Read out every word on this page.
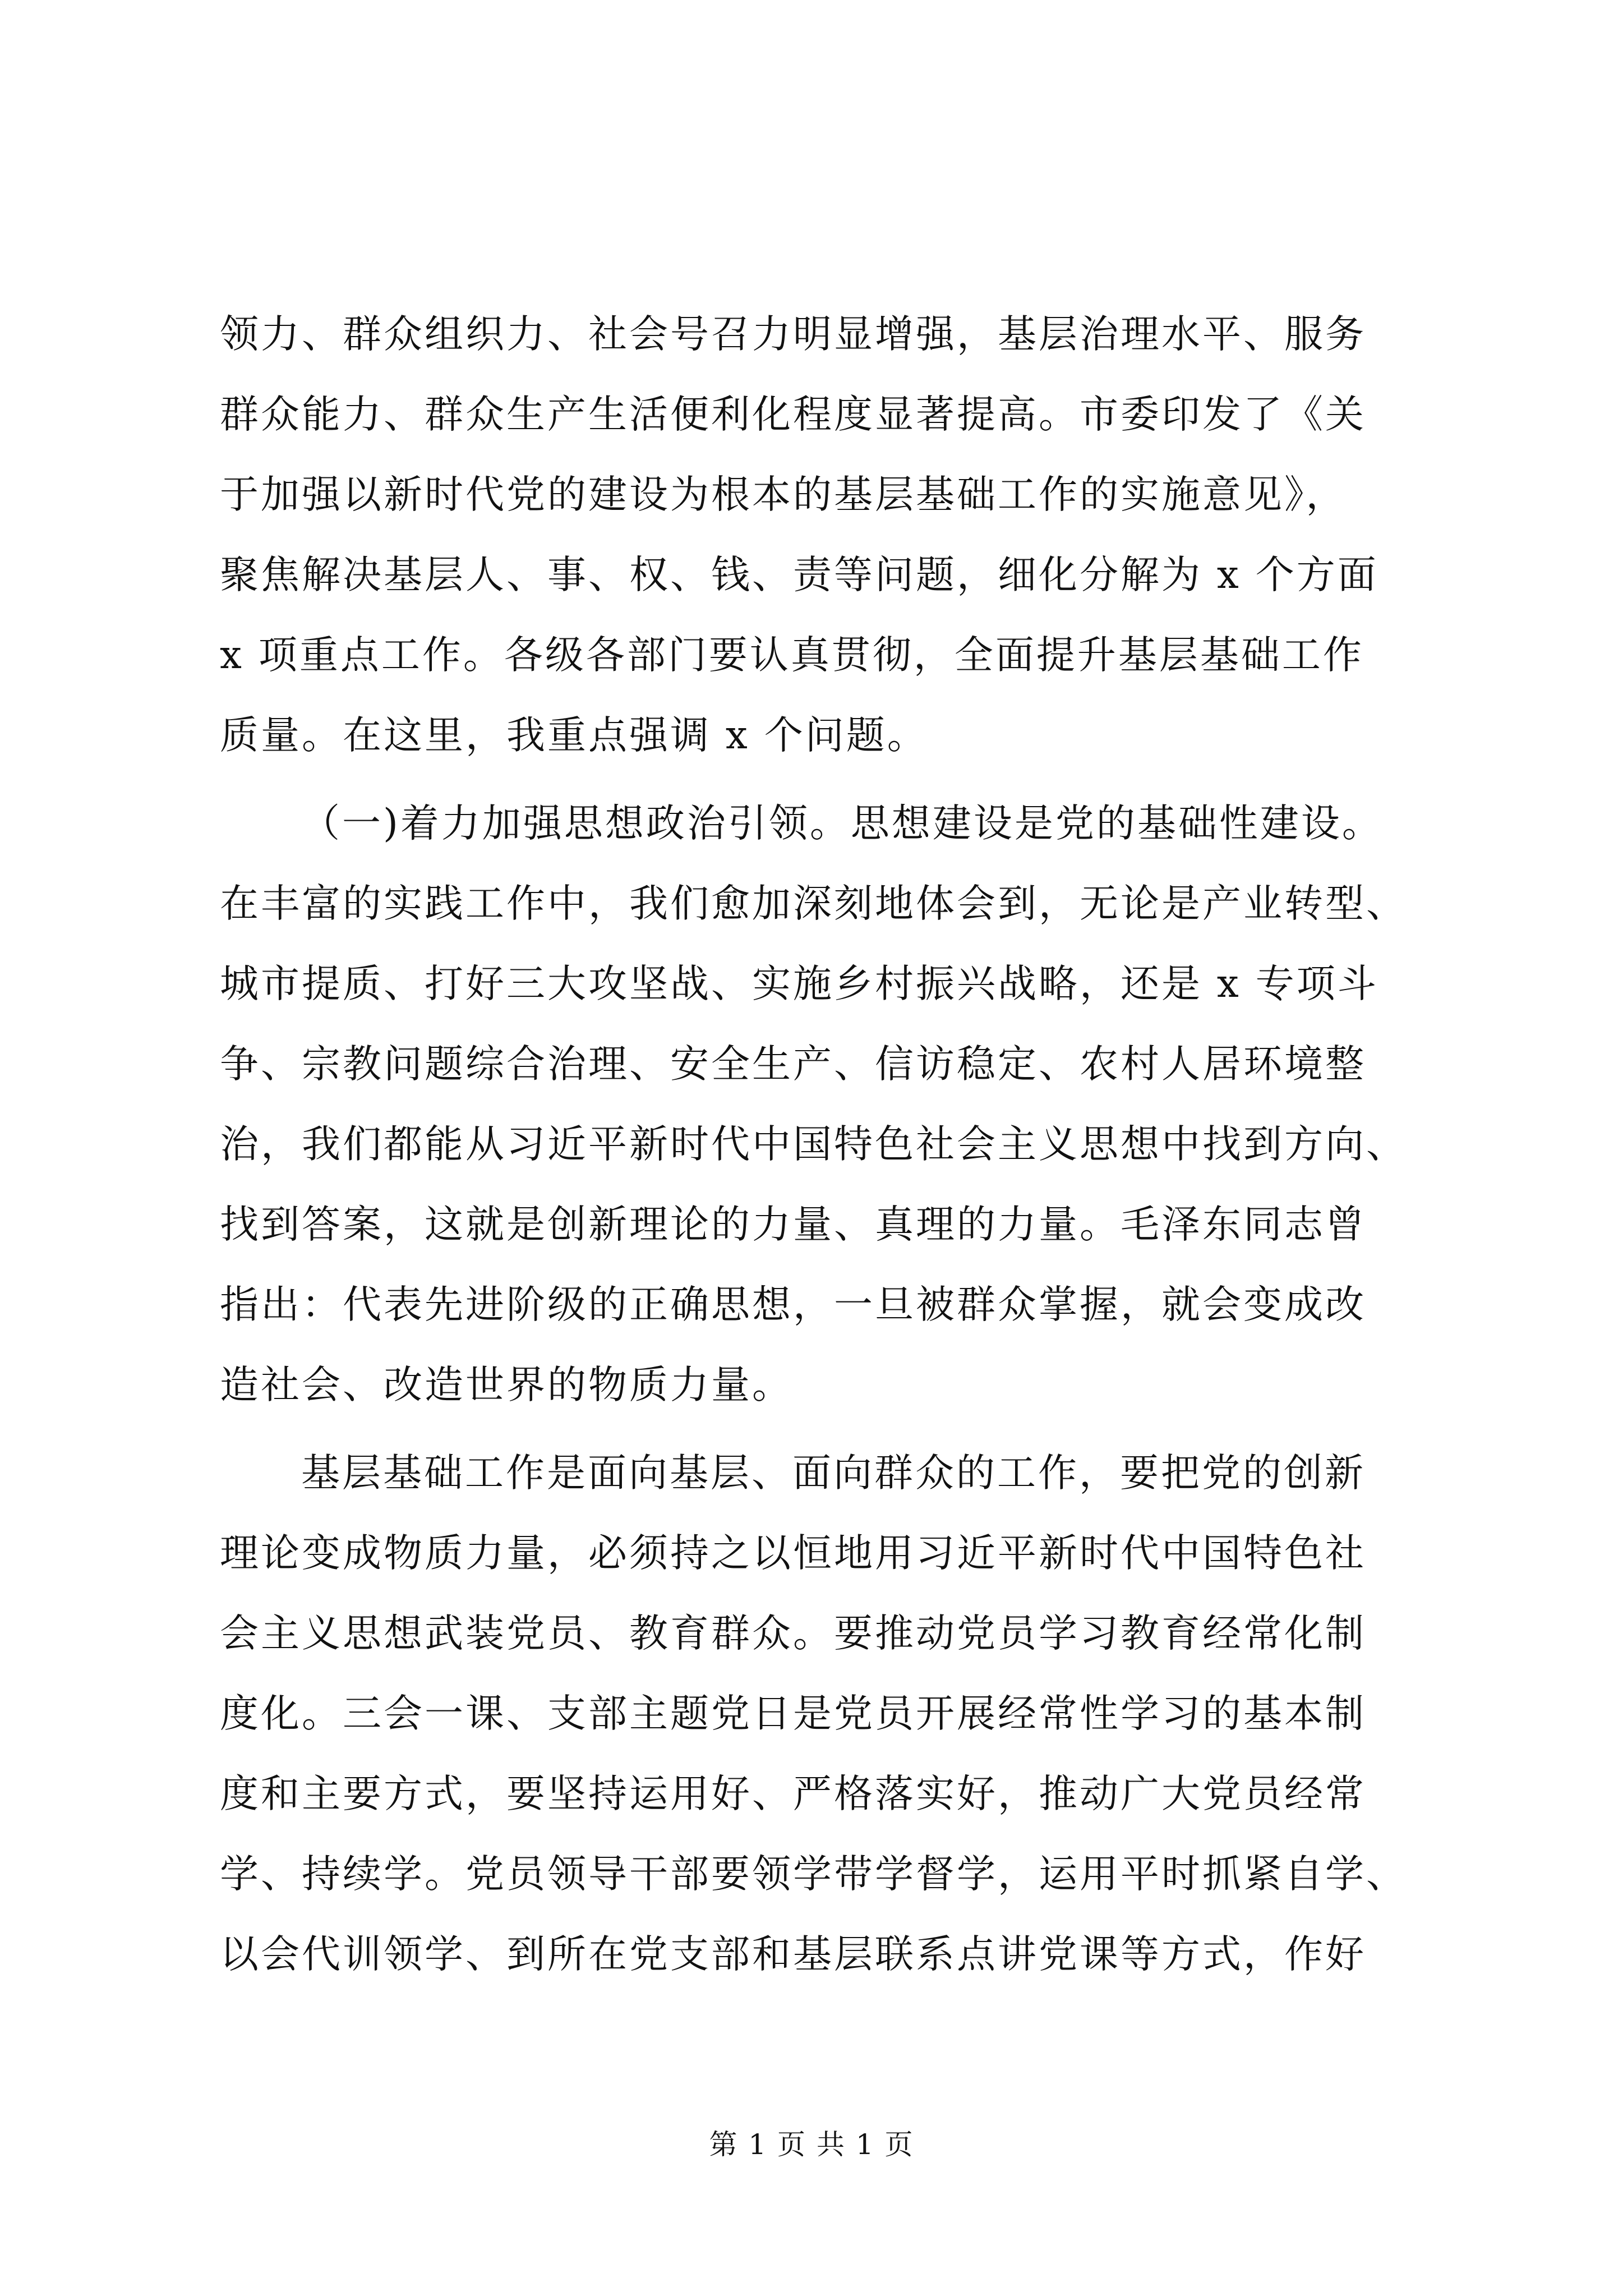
领力、群众组织力、社会号召力明显增强，基层治理水平、服务
群众能力、群众生产生活便利化程度显著提高。市委印发了《关
于加强以新时代党的建设为根本的基层基础工作的实施意见》，
聚焦解决基层人、事、权、钱、责等问题，细化分解为 x 个方面
x 项重点工作。各级各部门要认真贯彻，全面提升基层基础工作
质量。在这里，我重点强调 x 个问题。
（一)着力加强思想政治引领。思想建设是党的基础性建设。
在丰富的实践工作中，我们愈加深刻地体会到，无论是产业转型、
城市提质、打好三大攻坚战、实施乡村振兴战略，还是 x 专项斗
争、宗教问题综合治理、安全生产、信访稳定、农村人居环境整
治，我们都能从习近平新时代中国特色社会主义思想中找到方向、
找到答案，这就是创新理论的力量、真理的力量。毛泽东同志曾
指出：代表先进阶级的正确思想，一旦被群众掌握，就会变成改
造社会、改造世界的物质力量。
基层基础工作是面向基层、面向群众的工作，要把党的创新
理论变成物质力量，必须持之以恒地用习近平新时代中国特色社
会主义思想武装党员、教育群众。要推动党员学习教育经常化制
度化。三会一课、支部主题党日是党员开展经常性学习的基本制
度和主要方式，要坚持运用好、严格落实好，推动广大党员经常
学、持续学。党员领导干部要领学带学督学，运用平时抓紧自学、
以会代训领学、到所在党支部和基层联系点讲党课等方式，作好
第 1 页 共 1 页
